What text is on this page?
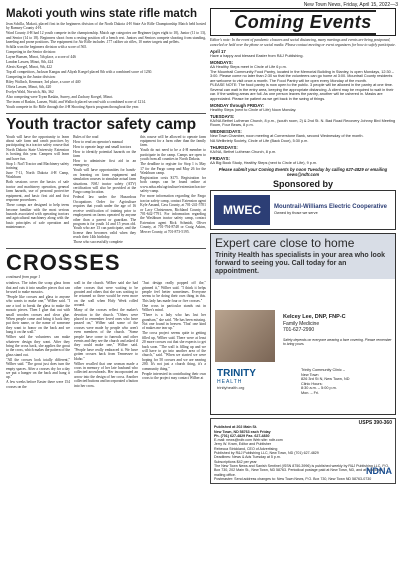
New Town News, Friday, April 15, 2022—3
Makoti youth wins state rifle match

Jean Schilla, Makoti, placed first in the beginners division of the North Dakota 4-H State Air Rifle Championship Match held hosted by Ramsey County 4-H.

Ward County 4-H had 12 youth compete in the championship. Match age categories are Beginner (ages eight to 10), Junior (11 to 13), and Senior (14 to 18). Beginners shoot from a resting position off a bench rest. Juniors and Seniors compete shooting from standing, kneeling and prone positions. The equipment for Air Rifle includes .177 caliber air rifles, 10 meter targets and pellets.

Schilla won the beginners division with a score of 565.

Competing in the Senior division:

Layne Bunsen, Minot, 5th place, a score of 446

Landon Lassen, Minot, 8th, 424

Alexis Koegel, Minot, 9th, 422

Top all competitors, Jackson Kangas and Aliyah Koegel placed 8th with a combined score of 1230.

Competing in the Junior division:

Riley Walloch, Kenmare, 3rd place, a score of 440

Olivia Lassen, Minot, 6th, 420

Evelyn Wald, Norwich, 8th, 362

Also competing were Tryan Raskin, Surrey, and Zachary Koegel, Minot.

The team of Raskin, Lassen, Wald, and Walloch placed second with a combined score of 1214.

Youth compete in Air Rifle through the 4-H Shooting Sports program throughout the year.

Youth tractor safety camp

Youth will have the opportunity to learn about safe farm and ranch practices by participating in a tractor safety course that North Dakota State University Extension is hosting this year. Campers will learn and have fun.

Stop 1: Nat'l Tractor and Machinery safety training

June 7-11, North Dakota 4-H Camp, Washburn

Both sessions cover the basics of safe tractor and machinery operation, general farm hazards, use of personal protective equipment, and basic first aid and first response procedures.

These camps are designed to help teens become familiar with the most serious hazards associated with operating tractors and agricultural machinery along with the basic principles of safe operation and maintenance.

Rules of the road

How to read an operator's manual

How to operate large and small tractors

How to identify potential hazards on the farm

How to administer first aid in an emergency

Youth will have opportunities for hands-on learning on farm equipment and simulation courses to simulate actual farm situations. NSU tractor safety (ATV) certification will also be provided at the Fargo camp location.

Federal law under the Hazardous Occupations Order for Agriculture requires that youth under the age of 16 receive certification of training prior to employment on farms operated by anyone other than a parent or guardian. The program is for youth 14 and 15 years old. Youth who are 13 can participate, and the license then becomes valid when they reach their 14th birthday.

Those who successfully complete

this course will be allowed to operate farm equipment for a farm other than the family farm.

Youth do not need to be a 4-H member to participate in the camp. Camps are open to youth from all counties in North Dakota.

The deadline to register for Stop 1 is May 17 for the Fargo camp and May 26 for the Washburn camp.

Registration costs $175. Registration for both camps can be found online at www.ndsu.edu/agriculture/extension/tractor-safety-camp.

For more information regarding the Fargo tractor safety camp, contact Extension agent Kyle Aasand, Cass County, at 701-241-5701 or Lacy Christensen, Richland County, at 701-642-7791. For information regarding the Washburn tractor safety camp, contact Extension agent Rick Schmidt, Oliver County, at 701-794-8748 or Craig Askim, Mercer County, at 701-873-5195.

CROSSES
continued from page 1

windows. The tubes the scrap glass from that and cuts it into smaller pieces that can be used to make mosaics.

"People like crosses and glass to anyone who wants to make one," Wilber said. "I use a tool to break the glass to make the mosaic pieces. Then I glue that out with small wooden crosses and clear glue. When people come and bring it back they put their name, or the name of someone they want to honor on the back and we hang it on the wall."

Wilber said the volunteers can make whatever design they want. After they bring the cross back, she applies the grout to the cross, which makes the pattern of the glass stand out.

"All the crosses look totally different," Wilber said. "The grout just does turn the empty spaces. After a crosses dry for a day we put a hanger on the back and hang it up."

A few weeks before Easter there were 154 crosses on the

wall in the church. Wilber said she had other crosses that were waiting to be grouted and others that she was waiting to be returned so there would be even more on the wall when Holy Week rolled around.

Many of the crosses reflect the maker's devotion to the church. "Others were placed to remember loved ones who have passed on," Wilber said some of the crosses were made by people who aren't even members of the church. "Some people have come to funerals and other events and they see the church and asked if they could make one," Wilber said. "People have really embraced it. We have gotten crosses back from Tennessee to Idaho."

Wilber recalled that one woman made a cross in memory of her late husband who collected arrowheads. Her incorporated an arrow into the design of her cross. Another collected buttons and incorporated a button into her cross.

"Just design really popped off the," grinned it," Wilber said. "I think it helps people feel better sometimes. Everyone seems to be doing their own thing in this. This lady has made four or five crosses."

One cross in particular stands out in Wilber's mind.

"There is a lady who has lost her grandson," she said. "He has been missing. Not one found in heaven. 'That' one kind of makes me tear up."

The cross project seems quite to getting filled up, Wilber said. There were at least 20 more crosses out that she expects to get back soon. "The wall is filling up and we will have to go into another area of the church," said. "When we started we were hoping for 50 crosses and we are nearing 200. It's not just a church thing, it's a community thing."

People interested in contributing their own cross to the project may contact Wilber at

Coming Events
Editor's note: In the event of pandemic closures and social distancing, many meetings and events are being postponed, canceled or held over the phone or social media. Please contact meeting or event organizers for how to safely participate.
April 17
Have a happy and blessed Easter from R&J Publishing.
MONDAYS:
AA Healthy Steps meet in Circle of Life 6 p.m.
The Mountrail Community Food Pantry, located in the Memorial Building in Stanley, is open Mondays, 12:30 – 3:00. Please come no later than 2:30 so that the volunteers can go home at 3:00. Mountrail County residents are welcome to visit once a month. The Food Pantry will be open every Monday of the month.
PLEASE NOTE: The food pantry is now open to the public. 3 people will be allowed in the pantry at one time. Several can wait in the entry area, keeping the appropriate distancing. A client may be required to wait in their car. If the waiting areas are full. As one person leaves the pantry, another will be ushered in. Masks are appreciated. Please be patient as we get back in the swing of things.
MONDAY through FRIDAY:
Healthy Steps (next to Circle of Life) Noon Monday.
TUESDAYS:
KA/NA Bethel Lutheran Church, 8 p.m., (south room, 2) & 2nd St. N. Bad Road Recovery Johnny Bird Meeting Room, Four Bears, 8 p.m.
WEDNESDAYS:
New Town Chamber, noon meeting at Cornerstone Bank, second Wednesday of the month.
NA Wellbriety Society, Circle of Life (Back Door), 5:30 p.m.
THURSDAYS:
KA/NA, Bethel Lutheran Church, 8 p.m.
FRIDAYS:
AA Big Book Study, Healthy Steps (next to Circle of Life), 9 p.m.
Please submit your Coming Events by noon Tuesday by calling 627-4829 or emailing news@ndtr.com
Sponsored by
MWEC	Mountrail-Williams Electric Cooperative
Owned by those we serve
Expert care close to home
Trinity Health has specialists in your area who look forward to seeing you. Call today for an appointment.
Kelcey Lee, DNP, FNP-C
Family Medicine
701-627-2990
Safety depends on everyone wearing a face covering. Please remember to bring yours.
TRINITY
HEALTH
trinityhealth.org
Trinity Community Clinic –
New Town
826 3rd St N, New Town, ND
Clinic Hours:
8:30 a.m. – 5:00 p.m.
Mon. – Fri.
USPS 390-360
Published at 202 Main St.
New Town, ND 58763 each Friday
Ph. (701) 627-4829 Fax. 627-4830
E-mail: news@ndtr.com Web site: ndtr.com
Jerry W. Kram, Editor and Publisher
Rebecca Strickland, CEO of Advertising
Published by R&J Publishing LLC, New Town, ND (701) 627-4829
Deadlines: News & Ads Tuesday at 5 p.m.
Subscriptions $42 per year
The New Town News and Sanish Sentinel (ISSN 8750-3996) is published weekly by R&J Publishing LLC, P.O. Box 730, 202 Main St., New Town, ND 58763. Periodical postage paid at New Town, ND, and at additional mailing office.
Postmaster: Send address changes to: New Town News, P.O. Box 730, New Town ND 58763-0730
NDNA
